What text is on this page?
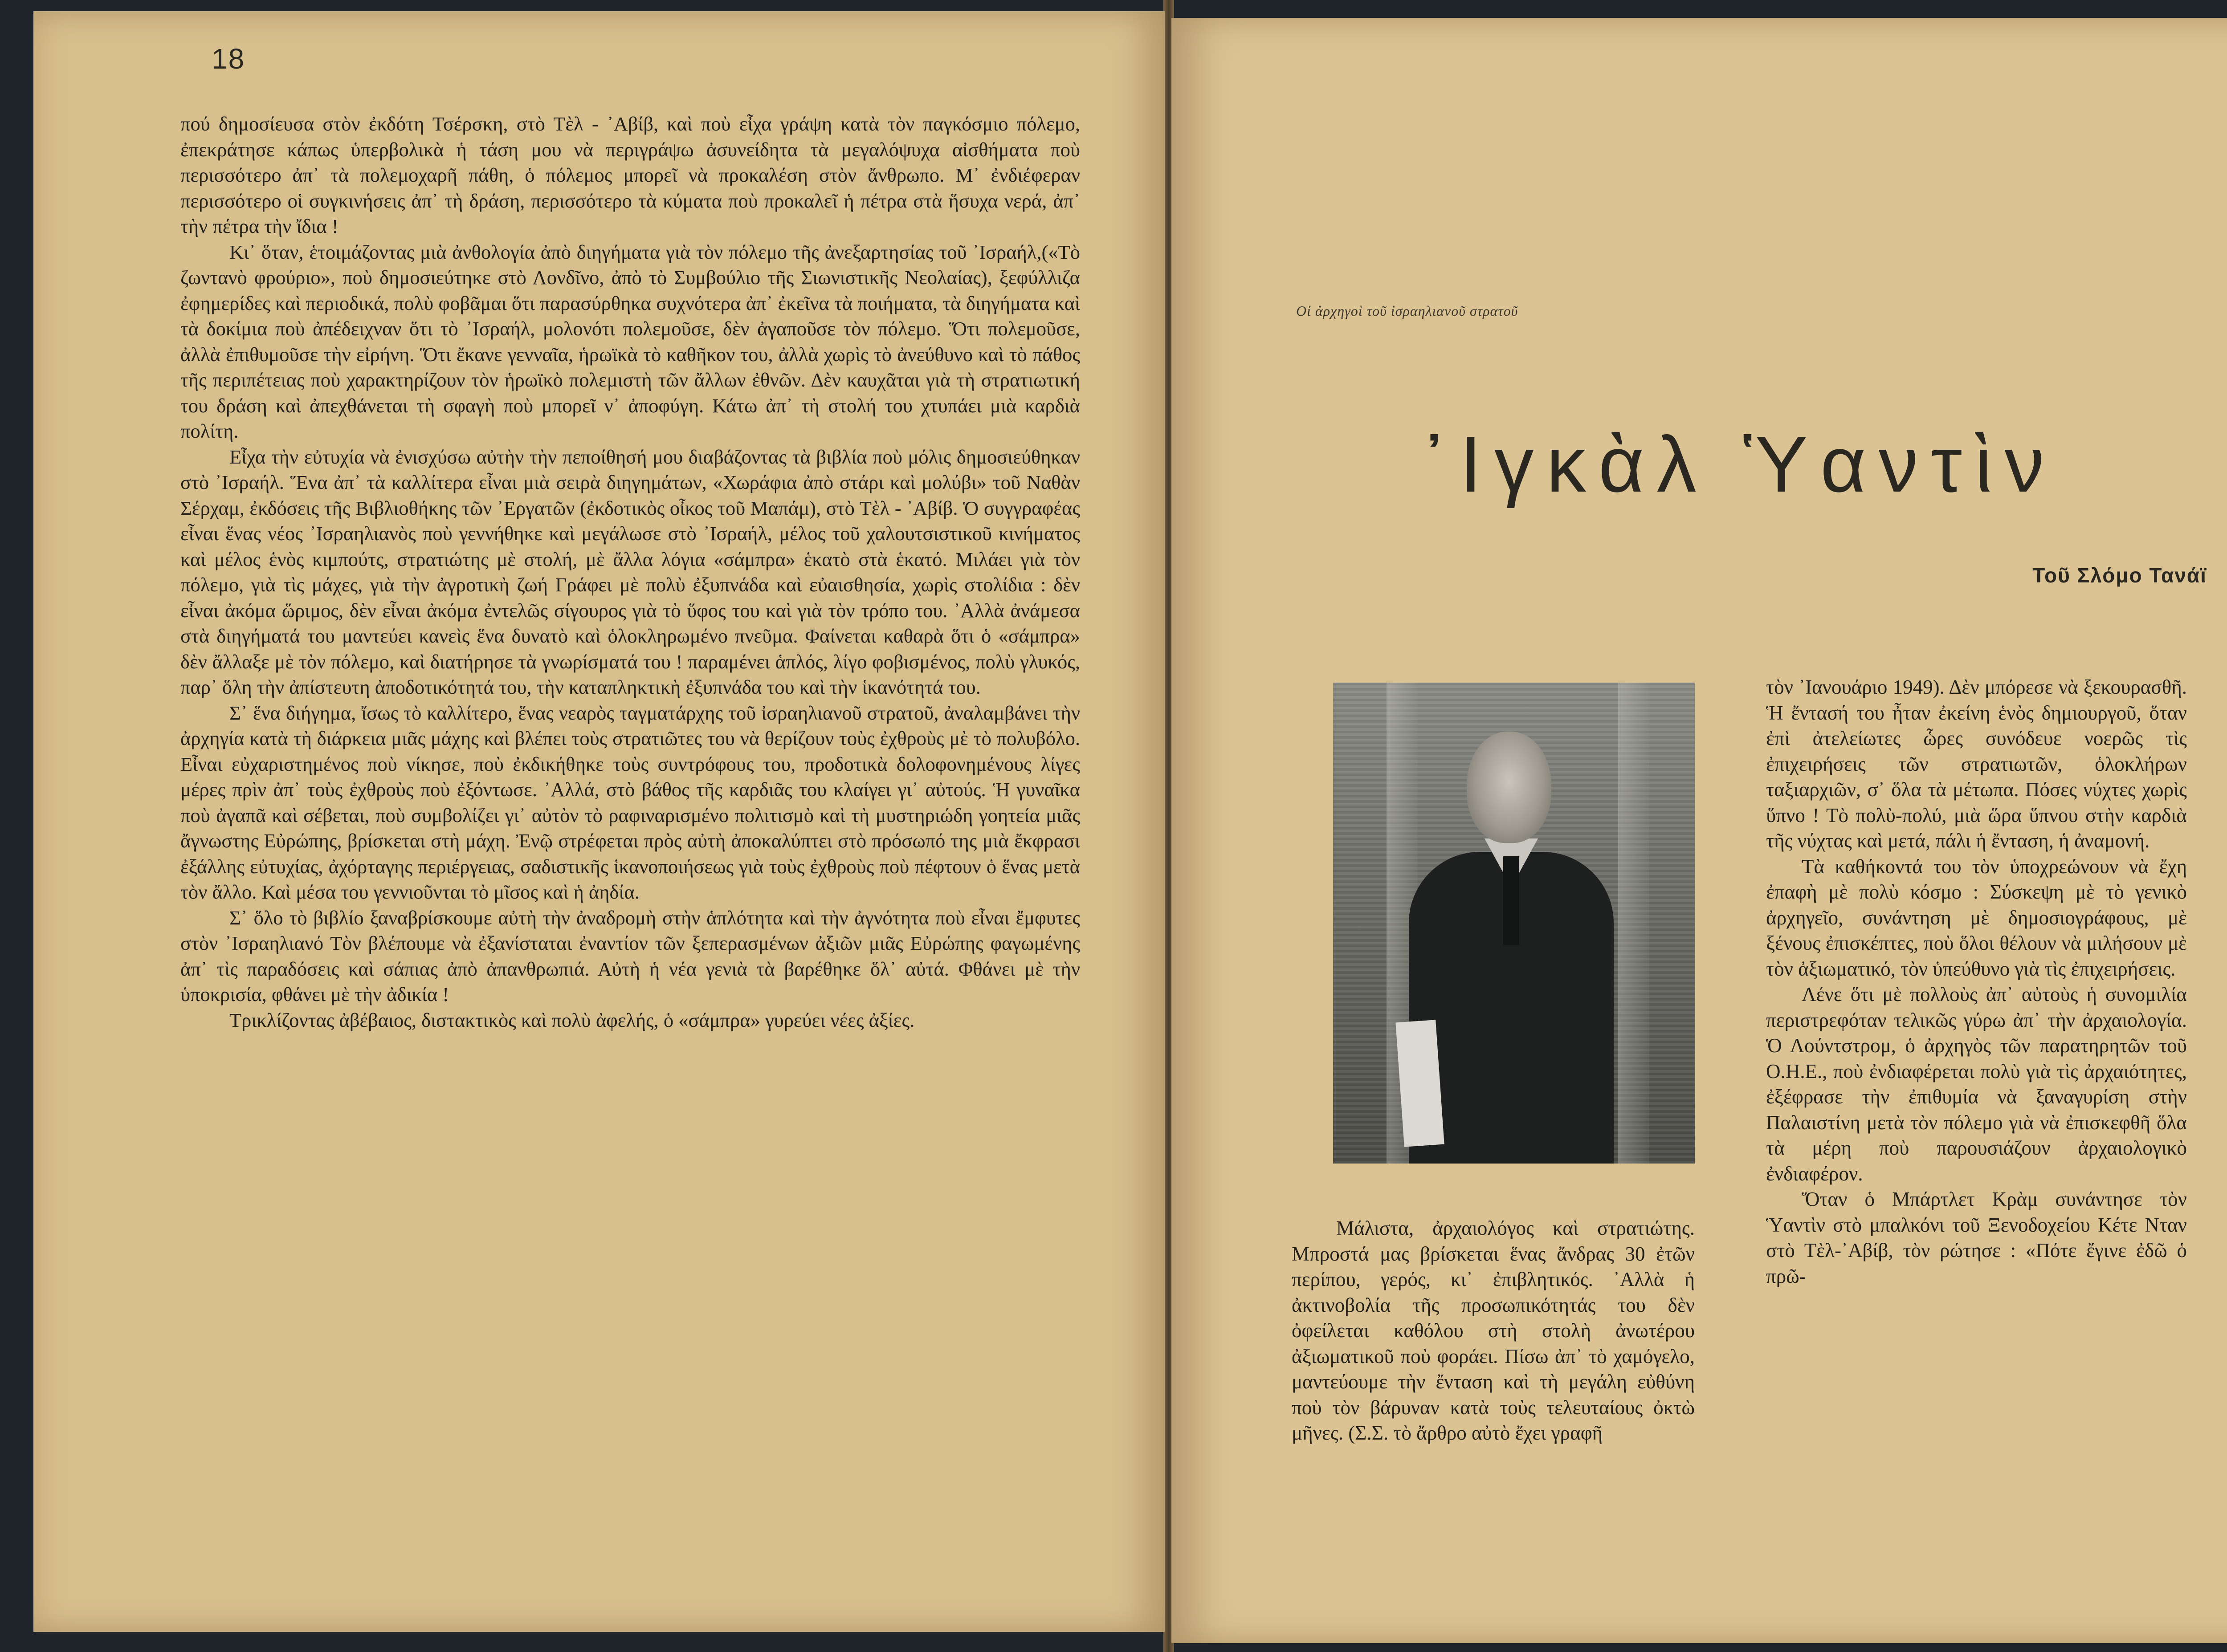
18

πού δημοσίευσα στὸν ἐκδότη Τσέρσκη, στὸ Τὲλ - ᾿Αβίβ, καὶ ποὺ εἶχα γράψη κατὰ τὸν παγκόσμιο πόλεμο, ἐπεκράτησε κάπως ὑπερβολικὰ ἡ τάση μου νὰ περιγράψω ἀσυνείδητα τὰ μεγαλόψυχα αἰσθήματα ποὺ περισσότερο ἀπ᾿ τὰ πολεμοχαρῆ πάθη, ὁ πόλεμος μπορεῖ νὰ προκαλέση στὸν ἄνθρωπο. Μ᾿ ἐνδιέφεραν περισσότερο οἱ συγκινήσεις ἀπ᾿ τὴ δράση, περισσότερο τὰ κύματα ποὺ προκαλεῖ ἡ πέτρα στὰ ἥσυχα νερά, ἀπ᾿ τὴν πέτρα τὴν ἴδια !

Κι᾿ ὅταν, ἑτοιμάζοντας μιὰ ἀνθολογία ἀπὸ διηγήματα γιὰ τὸν πόλεμο τῆς ἀνεξαρτησίας τοῦ ᾿Ισραήλ,(«Τὸ ζωντανὸ φρούριο», ποὺ δημοσιεύτηκε στὸ Λονδῖνο, ἀπὸ τὸ Συμβούλιο τῆς Σιωνιστικῆς Νεολαίας), ξεφύλλιζα ἐφημερίδες καὶ περιοδικά, πολὺ φοβᾶμαι ὅτι παρασύρθηκα συχνότερα ἀπ᾿ ἐκεῖνα τὰ ποιήματα, τὰ διηγήματα καὶ τὰ δοκίμια ποὺ ἀπέδειχναν ὅτι τὸ ᾿Ισραήλ, μολονότι πολεμοῦσε, δὲν ἀγαποῦσε τὸν πόλεμο. Ὅτι πολεμοῦσε, ἀλλὰ ἐπιθυμοῦσε τὴν εἰρήνη. Ὅτι ἔκανε γενναῖα, ἡρωϊκὰ τὸ καθῆκον του, ἀλλὰ χωρὶς τὸ ἀνεύθυνο καὶ τὸ πάθος τῆς περιπέτειας ποὺ χαρακτηρίζουν τὸν ἡρωϊκὸ πολεμιστὴ τῶν ἄλλων ἐθνῶν. Δὲν καυχᾶται γιὰ τὴ στρατιωτική του δράση καὶ ἀπεχθάνεται τὴ σφαγὴ ποὺ μπορεῖ ν᾿ ἀποφύγη. Κάτω ἀπ᾿ τὴ στολή του χτυπάει μιὰ καρδιὰ πολίτη.

Εἶχα τὴν εὐτυχία νὰ ἐνισχύσω αὐτὴν τὴν πεποίθησή μου διαβάζοντας τὰ βιβλία ποὺ μόλις δημοσιεύθηκαν στὸ ᾿Ισραήλ. Ἕνα ἀπ᾿ τὰ καλλίτερα εἶναι μιὰ σειρὰ διηγημάτων, «Χωράφια ἀπὸ στάρι καὶ μολύβι» τοῦ Ναθὰν Σέρχαμ, ἐκδόσεις τῆς Βιβλιοθήκης τῶν ᾿Εργατῶν (ἐκδοτικὸς οἶκος τοῦ Μαπάμ), στὸ Τὲλ - ᾿Αβίβ. Ὁ συγγραφέας εἶναι ἕνας νέος ᾿Ισραηλιανὸς ποὺ γεννήθηκε καὶ μεγάλωσε στὸ ᾿Ισραήλ, μέλος τοῦ χαλουτσιστικοῦ κινήματος καὶ μέλος ἑνὸς κιμπούτς, στρατιώτης μὲ στολή, μὲ ἄλλα λόγια «σάμπρα» ἑκατὸ στὰ ἑκατό. Μιλάει γιὰ τὸν πόλεμο, γιὰ τὶς μάχες, γιὰ τὴν ἀγροτικὴ ζωή Γράφει μὲ πολὺ ἐξυπνάδα καὶ εὐαισθησία, χωρὶς στολίδια : δὲν εἶναι ἀκόμα ὥριμος, δὲν εἶναι ἀκόμα ἐντελῶς σίγουρος γιὰ τὸ ὕφος του καὶ γιὰ τὸν τρόπο του. ᾿Αλλὰ ἀνάμεσα στὰ διηγήματά του μαντεύει κανεὶς ἕνα δυνατὸ καὶ ὁλοκληρωμένο πνεῦμα. Φαίνεται καθαρὰ ὅτι ὁ «σάμπρα» δὲν ἄλλαξε μὲ τὸν πόλεμο, καὶ διατήρησε τὰ γνωρίσματά του ! παραμένει ἁπλός, λίγο φοβισμένος, πολὺ γλυκός, παρ᾿ ὅλη τὴν ἀπίστευτη ἀποδοτικότητά του, τὴν καταπληκτικὴ ἐξυπνάδα του καὶ τὴν ἱκανότητά του.

Σ᾿ ἕνα διήγημα, ἴσως τὸ καλλίτερο, ἕνας νεαρὸς ταγματάρχης τοῦ ἰσραηλιανοῦ στρατοῦ, ἀναλαμβάνει τὴν ἀρχηγία κατὰ τὴ διάρκεια μιᾶς μάχης καὶ βλέπει τοὺς στρατιῶτες του νὰ θερίζουν τοὺς ἐχθροὺς μὲ τὸ πολυβόλο. Εἶναι εὐχαριστημένος ποὺ νίκησε, ποὺ ἐκδικήθηκε τοὺς συντρόφους του, προδοτικὰ δολοφονημένους λίγες μέρες πρὶν ἀπ᾿ τοὺς ἐχθροὺς ποὺ ἐξόντωσε. ᾿Αλλά, στὸ βάθος τῆς καρδιᾶς του κλαίγει γι᾿ αὐτούς. Ἡ γυναῖκα ποὺ ἀγαπᾶ καὶ σέβεται, ποὺ συμβολίζει γι᾿ αὐτὸν τὸ ραφιναρισμένο πολιτισμὸ καὶ τὴ μυστηριώδη γοητεία μιᾶς ἄγνωστης Εὐρώπης, βρίσκεται στὴ μάχη. Ἐνῷ στρέφεται πρὸς αὐτὴ ἀποκαλύπτει στὸ πρόσωπό της μιὰ ἔκφρασι ἐξάλλης εὐτυχίας, ἀχόρταγης περιέργειας, σαδιστικῆς ἱκανοποιήσεως γιὰ τοὺς ἐχθροὺς ποὺ πέφτουν ὁ ἕνας μετὰ τὸν ἄλλο. Καὶ μέσα του γεννιοῦνται τὸ μῖσος καὶ ἡ ἀηδία.

Σ᾿ ὅλο τὸ βιβλίο ξαναβρίσκουμε αὐτὴ τὴν ἀναδρομὴ στὴν ἁπλότητα καὶ τὴν ἀγνότητα ποὺ εἶναι ἔμφυτες στὸν ᾿Ισραηλιανό Τὸν βλέπουμε νὰ ἐξανίσταται ἐναντίον τῶν ξεπερασμένων ἀξιῶν μιᾶς Εὐρώπης φαγωμένης ἀπ᾿ τὶς παραδόσεις καὶ σάπιας ἀπὸ ἀπανθρωπιά. Αὐτὴ ἡ νέα γενιὰ τὰ βαρέθηκε ὅλ᾿ αὐτά. Φθάνει μὲ τὴν ὑποκρισία, φθάνει μὲ τὴν ἀδικία !

Τρικλίζοντας ἀβέβαιος, διστακτικὸς καὶ πολὺ ἀφελής, ὁ «σάμπρα» γυρεύει νέες ἀξίες.

Οἱ ἀρχηγοὶ τοῦ ἰσραηλιανοῦ στρατοῦ
᾿Ιγκὰλ Ὑαντὶν
Τοῦ Σλόμο Τανάϊ

Μάλιστα, ἀρχαιολόγος καὶ στρατιώτης. Μπροστά μας βρίσκεται ἕνας ἄνδρας 30 ἐτῶν περίπου, γερός, κι᾿ ἐπιβλητικός. ᾿Αλλὰ ἡ ἀκτινοβολία τῆς προσωπικότητάς του δὲν ὀφείλεται καθόλου στὴ στολὴ ἀνωτέρου ἀξιωματικοῦ ποὺ φοράει. Πίσω ἀπ᾿ τὸ χαμόγελο, μαντεύουμε τὴν ἔνταση καὶ τὴ μεγάλη εὐθύνη ποὺ τὸν βάρυναν κατὰ τοὺς τελευταίους ὀκτὼ μῆνες. (Σ.Σ. τὸ ἄρθρο αὐτὸ ἔχει γραφῆ

τὸν ᾿Ιανουάριο 1949). Δὲν μπόρεσε νὰ ξεκουρασθῆ. Ἡ ἔντασή του ἦταν ἐκείνη ἑνὸς δημιουργοῦ, ὅταν ἐπὶ ἀτελείωτες ὧρες συνόδευε νοερῶς τὶς ἐπιχειρήσεις τῶν στρατιωτῶν, ὁλοκλήρων ταξιαρχιῶν, σ᾿ ὅλα τὰ μέτωπα. Πόσες νύχτες χωρὶς ὕπνο ! Τὸ πολὺ-πολύ, μιὰ ὥρα ὕπνου στὴν καρδιὰ τῆς νύχτας καὶ μετά, πάλι ἡ ἔνταση, ἡ ἀναμονή.

Τὰ καθήκοντά του τὸν ὑποχρεώνουν νὰ ἔχη ἐπαφὴ μὲ πολὺ κόσμο : Σύσκεψη μὲ τὸ γενικὸ ἀρχηγεῖο, συνάντηση μὲ δημοσιογράφους, μὲ ξένους ἐπισκέπτες, ποὺ ὅλοι θέλουν νὰ μιλήσουν μὲ τὸν ἀξιωματικό, τὸν ὑπεύθυνο γιὰ τὶς ἐπιχειρήσεις.

Λένε ὅτι μὲ πολλοὺς ἀπ᾿ αὐτοὺς ἡ συνομιλία περιστρεφόταν τελικῶς γύρω ἀπ᾿ τὴν ἀρχαιολογία. Ὁ Λούντστρομ, ὁ ἀρχηγὸς τῶν παρατηρητῶν τοῦ Ο.Η.Ε., ποὺ ἐνδιαφέρεται πολὺ γιὰ τὶς ἀρχαιότητες, ἐξέφρασε τὴν ἐπιθυμία νὰ ξαναγυρίση στὴν Παλαιστίνη μετὰ τὸν πόλεμο γιὰ νὰ ἐπισκεφθῆ ὅλα τὰ μέρη ποὺ παρουσιάζουν ἀρχαιολογικὸ ἐνδιαφέρον.

Ὅταν ὁ Μπάρτλετ Κρὰμ συνάντησε τὸν Ὑαντὶν στὸ μπαλκόνι τοῦ Ξενοδοχείου Κέτε Νταν στὸ Τὲλ-᾿Αβίβ, τὸν ρώτησε : «Πότε ἔγινε ἐδῶ ὁ πρῶ-
